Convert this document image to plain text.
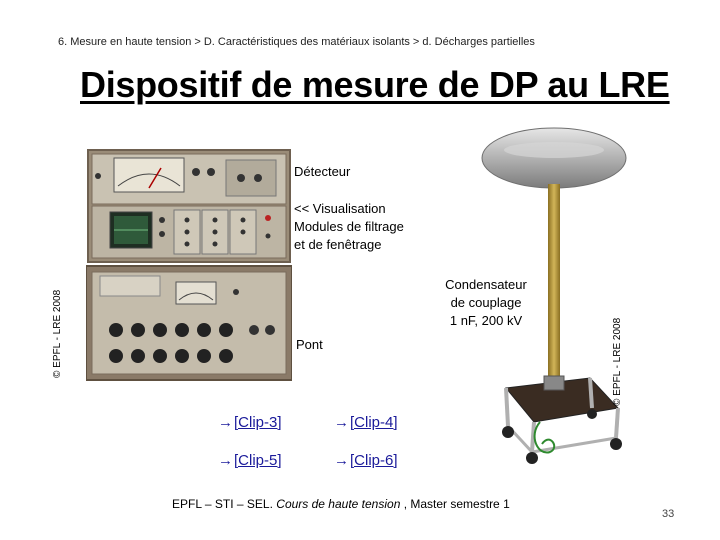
6. Mesure en haute tension > D. Caractéristiques des matériaux isolants > d. Décharges partielles
Dispositif de mesure de DP au LRE
© EPFL - LRE 2008	© EPFL - LRE 2008
Détecteur
<< Visualisation
Modules de filtrage
et de fenêtrage
Condensateur
de couplage
1 nF, 200 kV
Pont
→[Clip-3]	→[Clip-4]
→[Clip-5]	→[Clip-6]
EPFL – STI – SEL. Cours de haute tension , Master semestre 1
33
